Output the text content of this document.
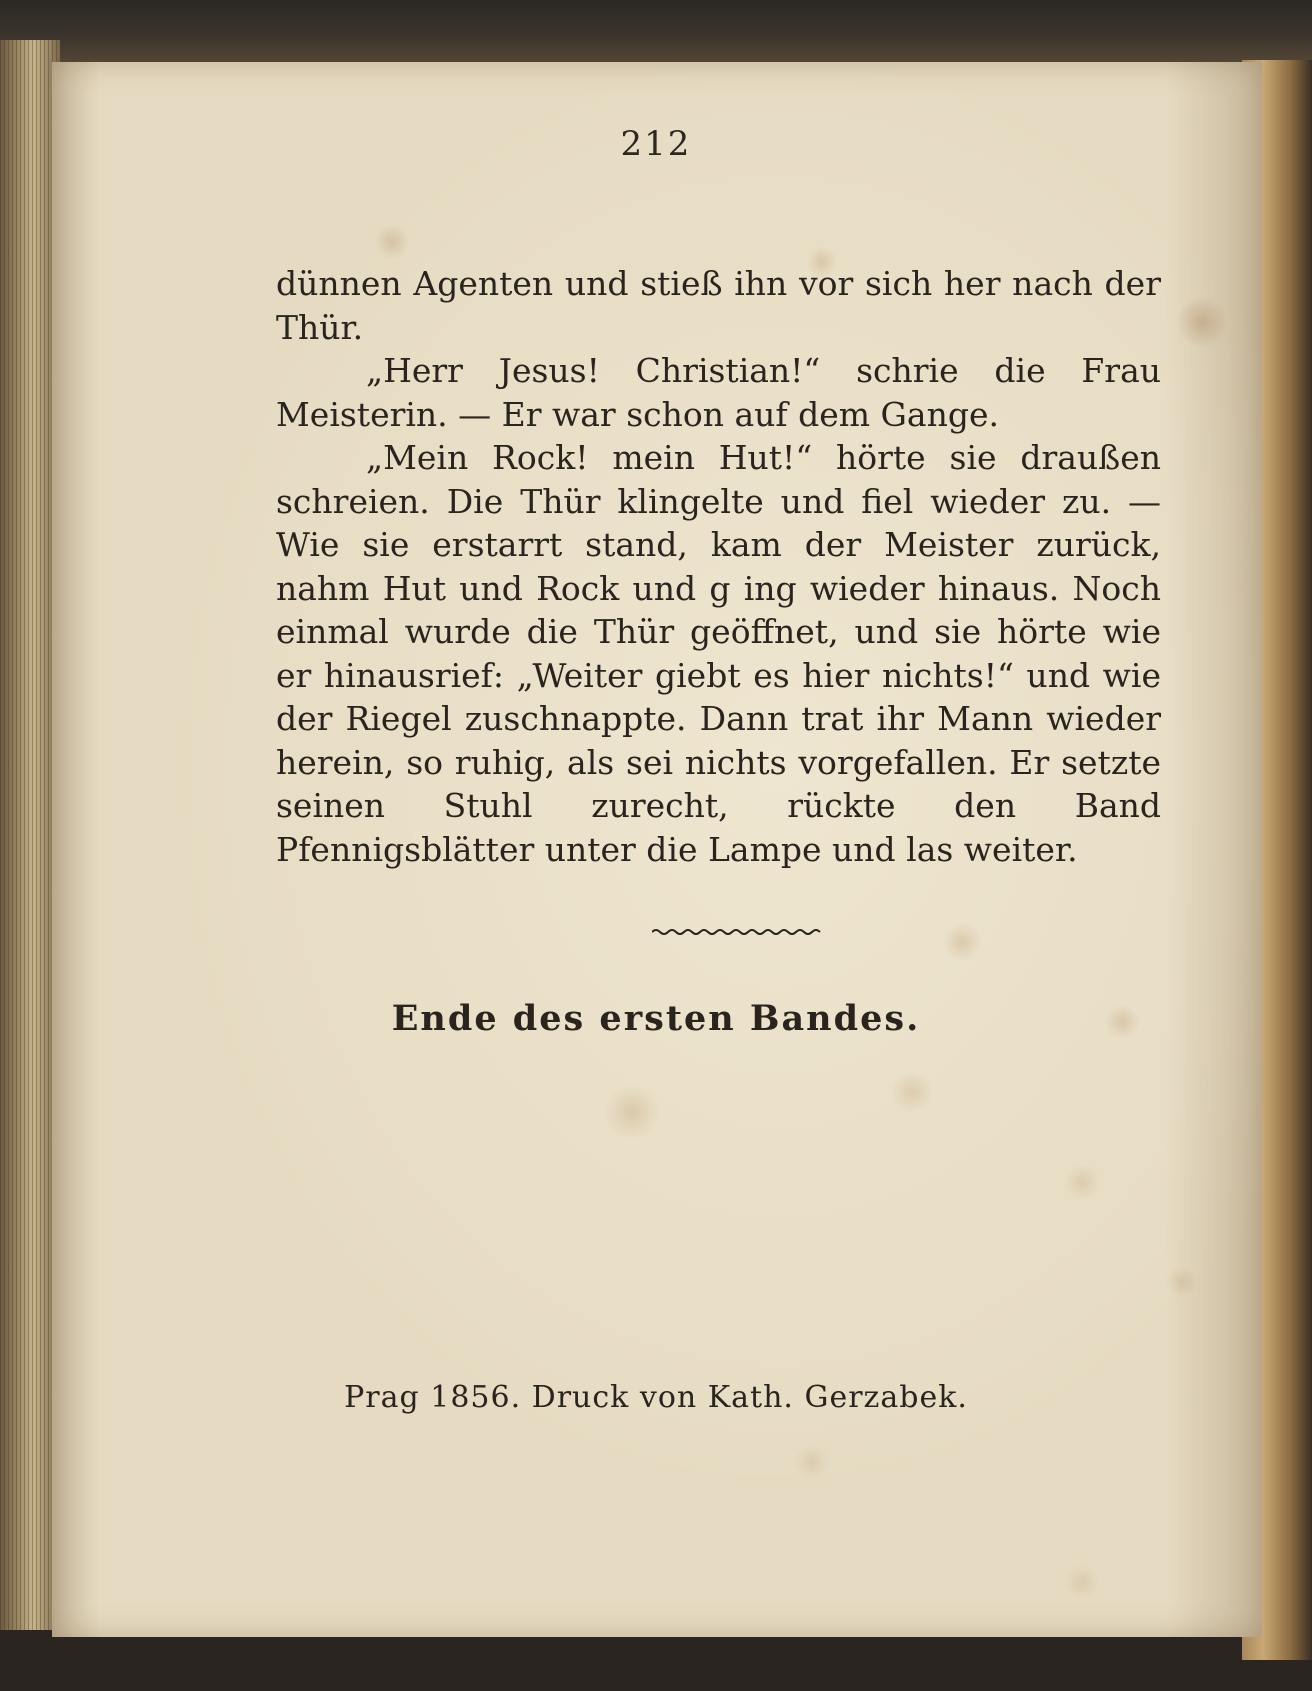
212

dünnen Agenten und stieß ihn vor sich her nach der Thür.

„Herr Jesus! Christian!“ schrie die Frau Meisterin. — Er war schon auf dem Gange.

„Mein Rock! mein Hut!“ hörte sie draußen schreien. Die Thür klingelte und fiel wieder zu. — Wie sie erstarrt stand, kam der Meister zurück, nahm Hut und Rock und g ing wieder hinaus. Noch einmal wurde die Thür geöffnet, und sie hörte wie er hinausrief: „Weiter giebt es hier nichts!“ und wie der Riegel zuschnappte. Dann trat ihr Mann wieder herein, so ruhig, als sei nichts vorgefallen. Er setzte seinen Stuhl zurecht, rückte den Band Pfennigsblätter unter die Lampe und las weiter.

Ende des ersten Bandes.
Prag 1856. Druck von Kath. Gerzabek.
